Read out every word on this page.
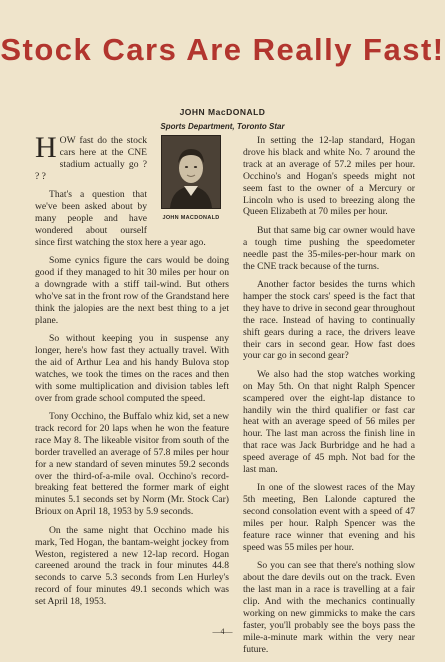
Stock Cars Are Really Fast!
JOHN MacDONALD
Sports Department, Toronto Star
JOHN MACDONALD

HOW fast do the stock cars here at the CNE stadium actually go ? ? ?

That's a question that we've been asked about by many people and have wondered about ourself since first watching the stox here a year ago.

Some cynics figure the cars would be doing good if they managed to hit 30 miles per hour on a downgrade with a stiff tail-wind. But others who've sat in the front row of the Grandstand here think the jalopies are the next best thing to a jet plane.

So without keeping you in suspense any longer, here's how fast they actually travel. With the aid of Arthur Lea and his handy Bulova stop watches, we took the times on the races and then with some multiplication and division tables left over from grade school computed the speed.

Tony Occhino, the Buffalo whiz kid, set a new track record for 20 laps when he won the feature race May 8. The likeable visitor from south of the border travelled an average of 57.8 miles per hour for a new standard of seven minutes 59.2 seconds over the third-of-a-mile oval. Occhino's record-breaking feat bettered the former mark of eight minutes 5.1 seconds set by Norm (Mr. Stock Car) Brioux on April 18, 1953 by 5.9 seconds.

On the same night that Occhino made his mark, Ted Hogan, the bantam-weight jockey from Weston, registered a new 12-lap record. Hogan careened around the track in four minutes 44.8 seconds to carve 5.3 seconds from Len Hurley's record of four minutes 49.1 seconds which was set April 18, 1953.

In setting the 12-lap standard, Hogan drove his black and white No. 7 around the track at an average of 57.2 miles per hour. Occhino's and Hogan's speeds might not seem fast to the owner of a Mercury or Lincoln who is used to breezing along the Queen Elizabeth at 70 miles per hour.

But that same big car owner would have a tough time pushing the speedometer needle past the 35-miles-per-hour mark on the CNE track because of the turns.

Another factor besides the turns which hamper the stock cars' speed is the fact that they have to drive in second gear throughout the race. Instead of having to continually shift gears during a race, the drivers leave their cars in second gear. How fast does your car go in second gear?

We also had the stop watches working on May 5th. On that night Ralph Spencer scampered over the eight-lap distance to handily win the third qualifier or fast car heat with an average speed of 56 miles per hour. The last man across the finish line in that race was Jack Burbridge and he had a speed average of 45 mph. Not bad for the last man.

In one of the slowest races of the May 5th meeting, Ben Lalonde captured the second consolation event with a speed of 47 miles per hour. Ralph Spencer was the feature race winner that evening and his speed was 55 miles per hour.

So you can see that there's nothing slow about the dare devils out on the track. Even the last man in a race is travelling at a fair clip. And with the mechanics continually working on new gimmicks to make the cars faster, you'll probably see the boys pass the mile-a-minute mark within the very near future.

—4—
